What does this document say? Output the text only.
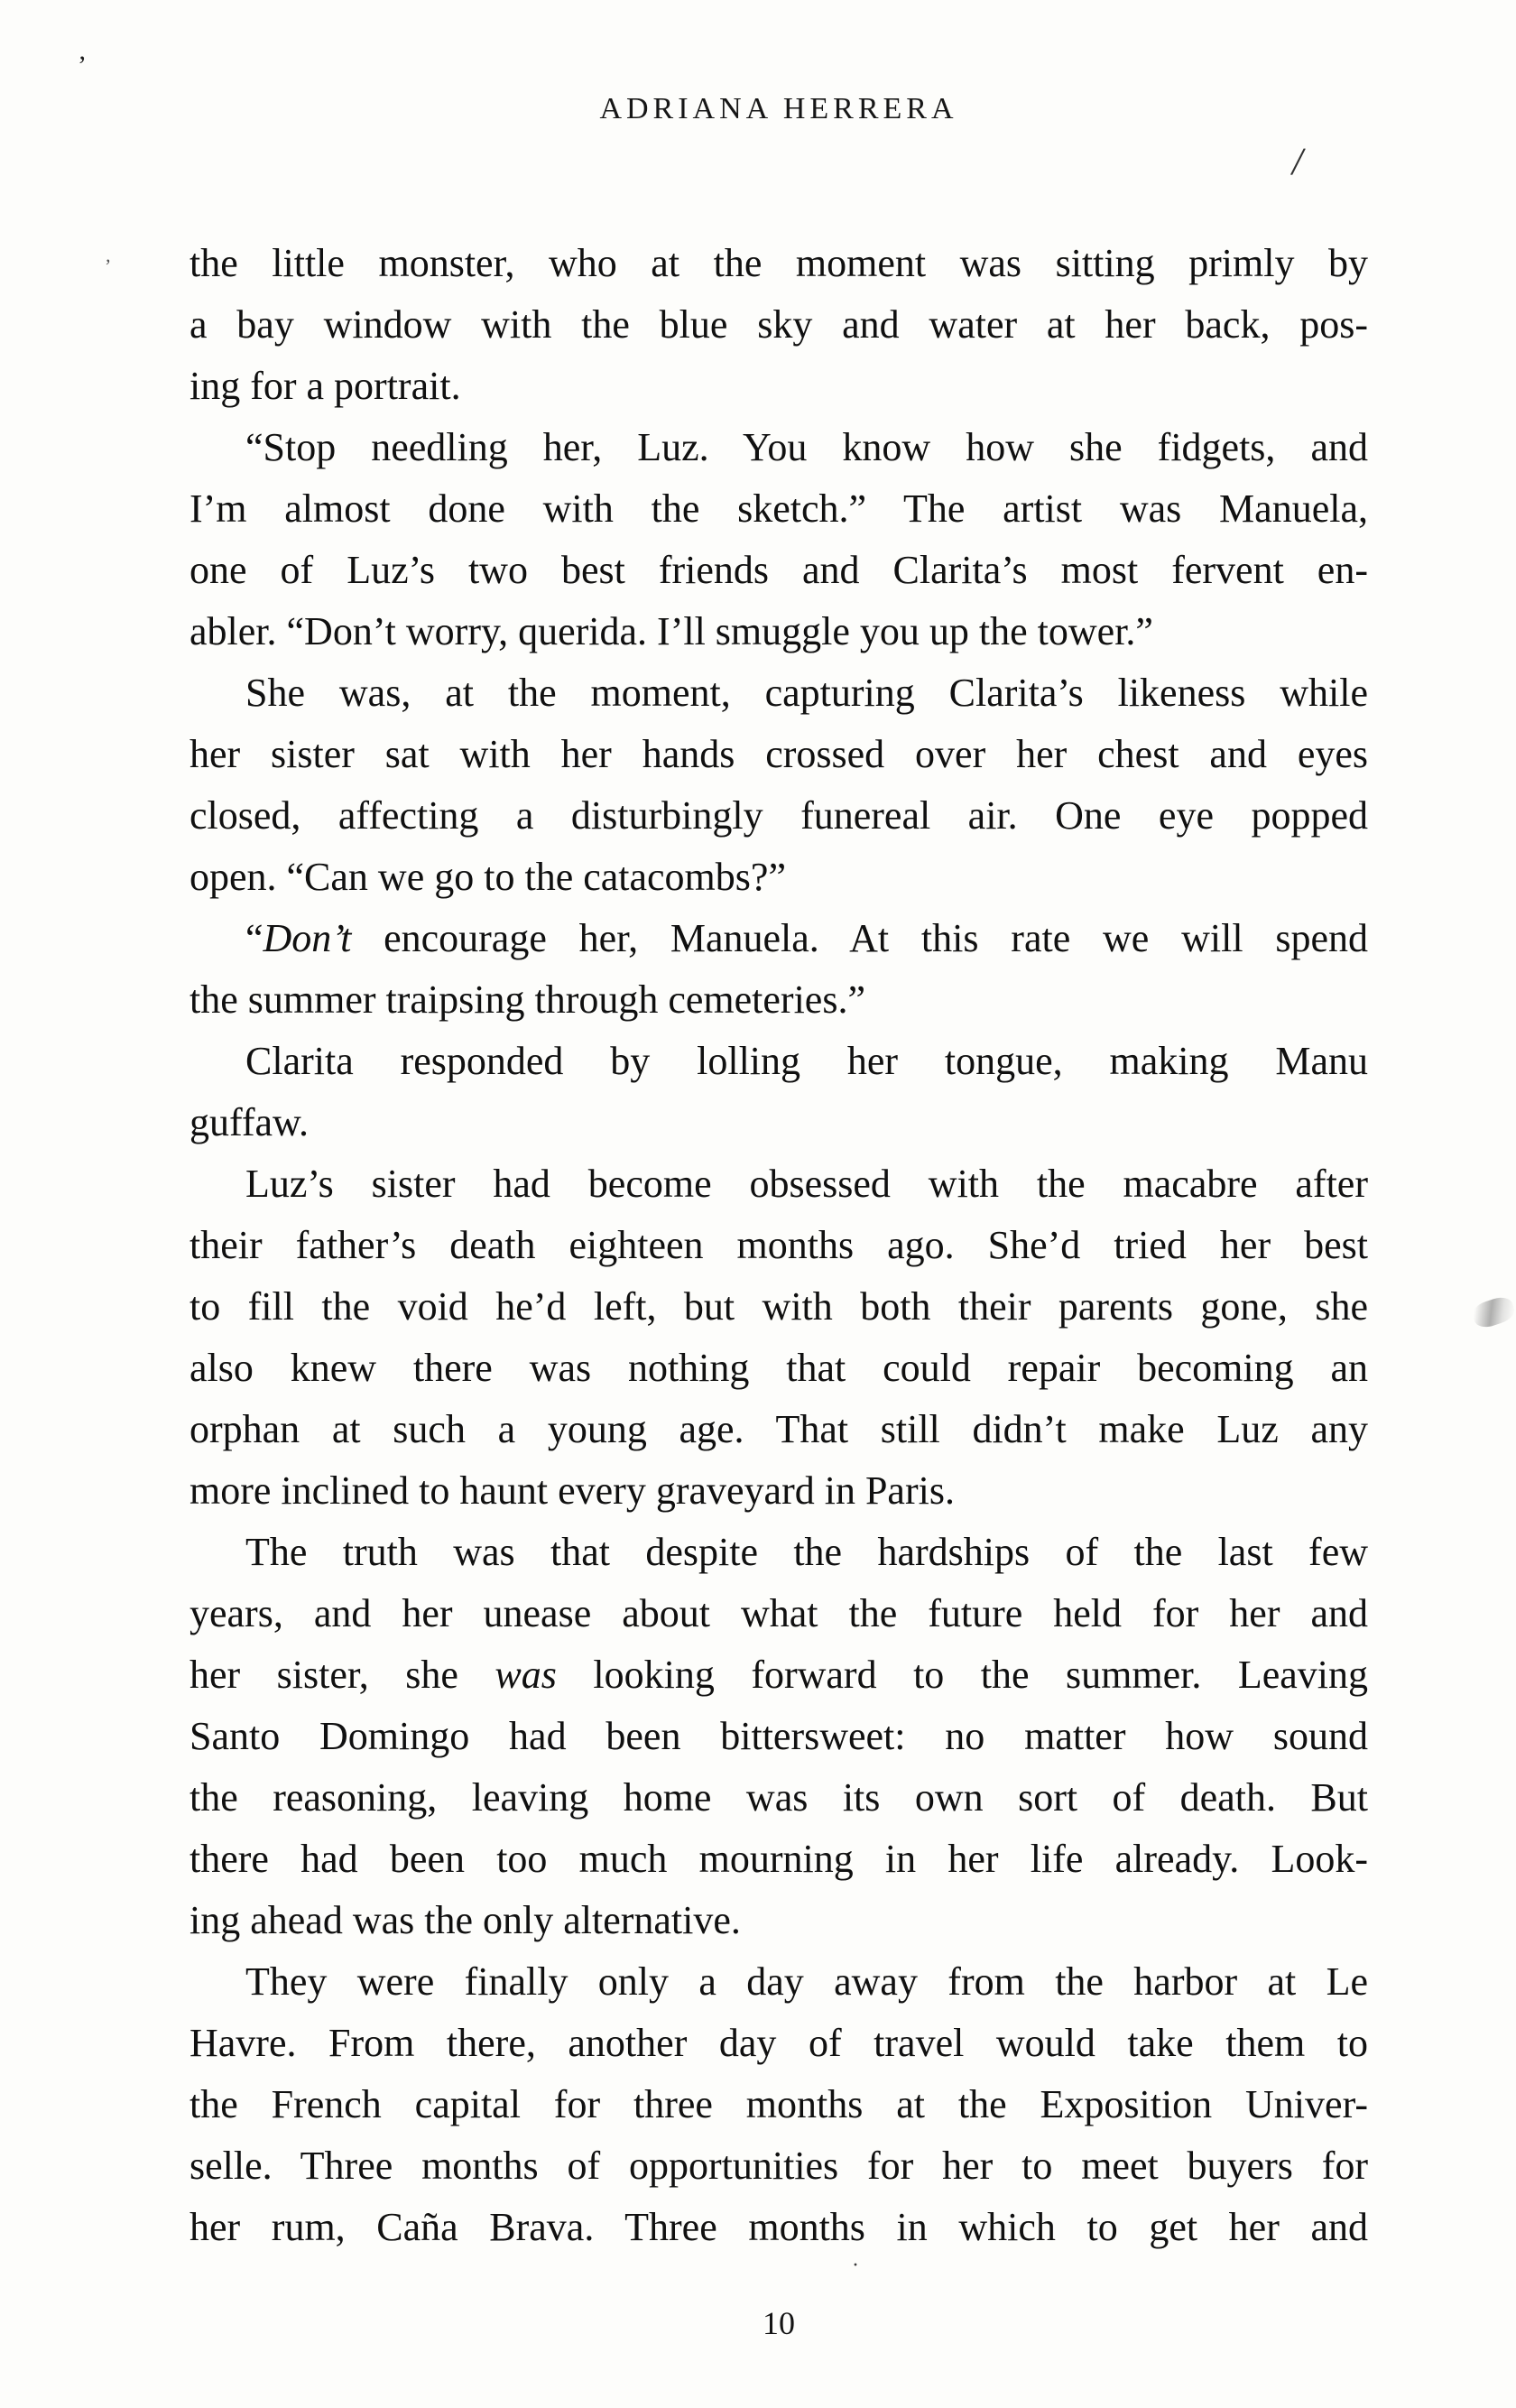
’
/
‚
·
ADRIANA HERRERA
the little monster, who at the moment was sitting primly by
a bay window with the blue sky and water at her back, pos-
ing for a portrait.
“Stop needling her, Luz. You know how she fidgets, and
I’m almost done with the sketch.” The artist was Manuela,
one of Luz’s two best friends and Clarita’s most fervent en-
abler. “Don’t worry, querida. I’ll smuggle you up the tower.”
She was, at the moment, capturing Clarita’s likeness while
her sister sat with her hands crossed over her chest and eyes
closed, affecting a disturbingly funereal air. One eye popped
open. “Can we go to the catacombs?”
“Don’t encourage her, Manuela. At this rate we will spend
the summer traipsing through cemeteries.”
Clarita responded by lolling her tongue, making Manu
guffaw.
Luz’s sister had become obsessed with the macabre after
their father’s death eighteen months ago. She’d tried her best
to fill the void he’d left, but with both their parents gone, she
also knew there was nothing that could repair becoming an
orphan at such a young age. That still didn’t make Luz any
more inclined to haunt every graveyard in Paris.
The truth was that despite the hardships of the last few
years, and her unease about what the future held for her and
her sister, she was looking forward to the summer. Leaving
Santo Domingo had been bittersweet: no matter how sound
the reasoning, leaving home was its own sort of death. But
there had been too much mourning in her life already. Look-
ing ahead was the only alternative.
They were finally only a day away from the harbor at Le
Havre. From there, another day of travel would take them to
the French capital for three months at the Exposition Univer-
selle. Three months of opportunities for her to meet buyers for
her rum, Caña Brava. Three months in which to get her and
10
